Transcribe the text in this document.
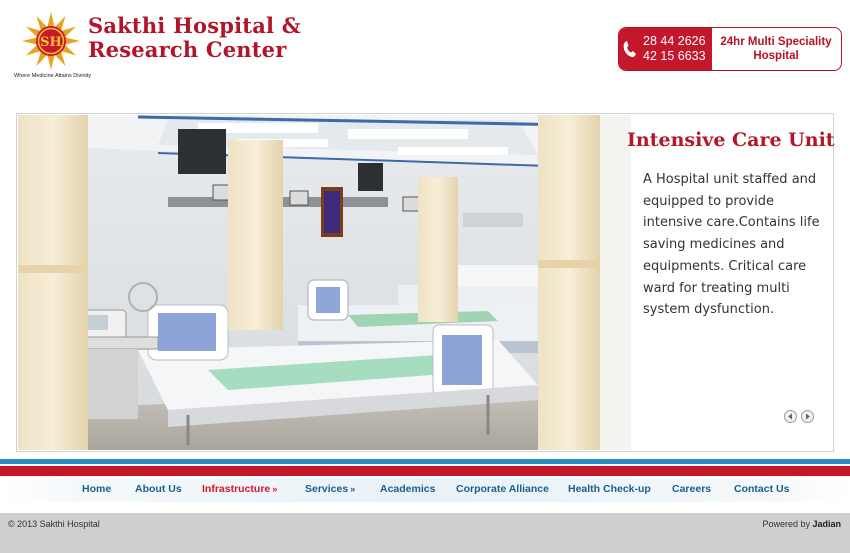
SH
Sakthi Hospital &
Research Center
Where Medicine Attains Divinity
28 44 2626
42 15 6633
24hr Multi Speciality
Hospital
Intensive Care Unit
A Hospital unit staffed and equipped to provide intensive care.Contains life saving medicines and equipments. Critical care ward for treating multi system dysfunction.
Home About Us Infrastructure »	Services » Academics Corporate Alliance Health Check-up Careers Contact Us
© 2013 Sakthi Hospital	Powered by Jadian
